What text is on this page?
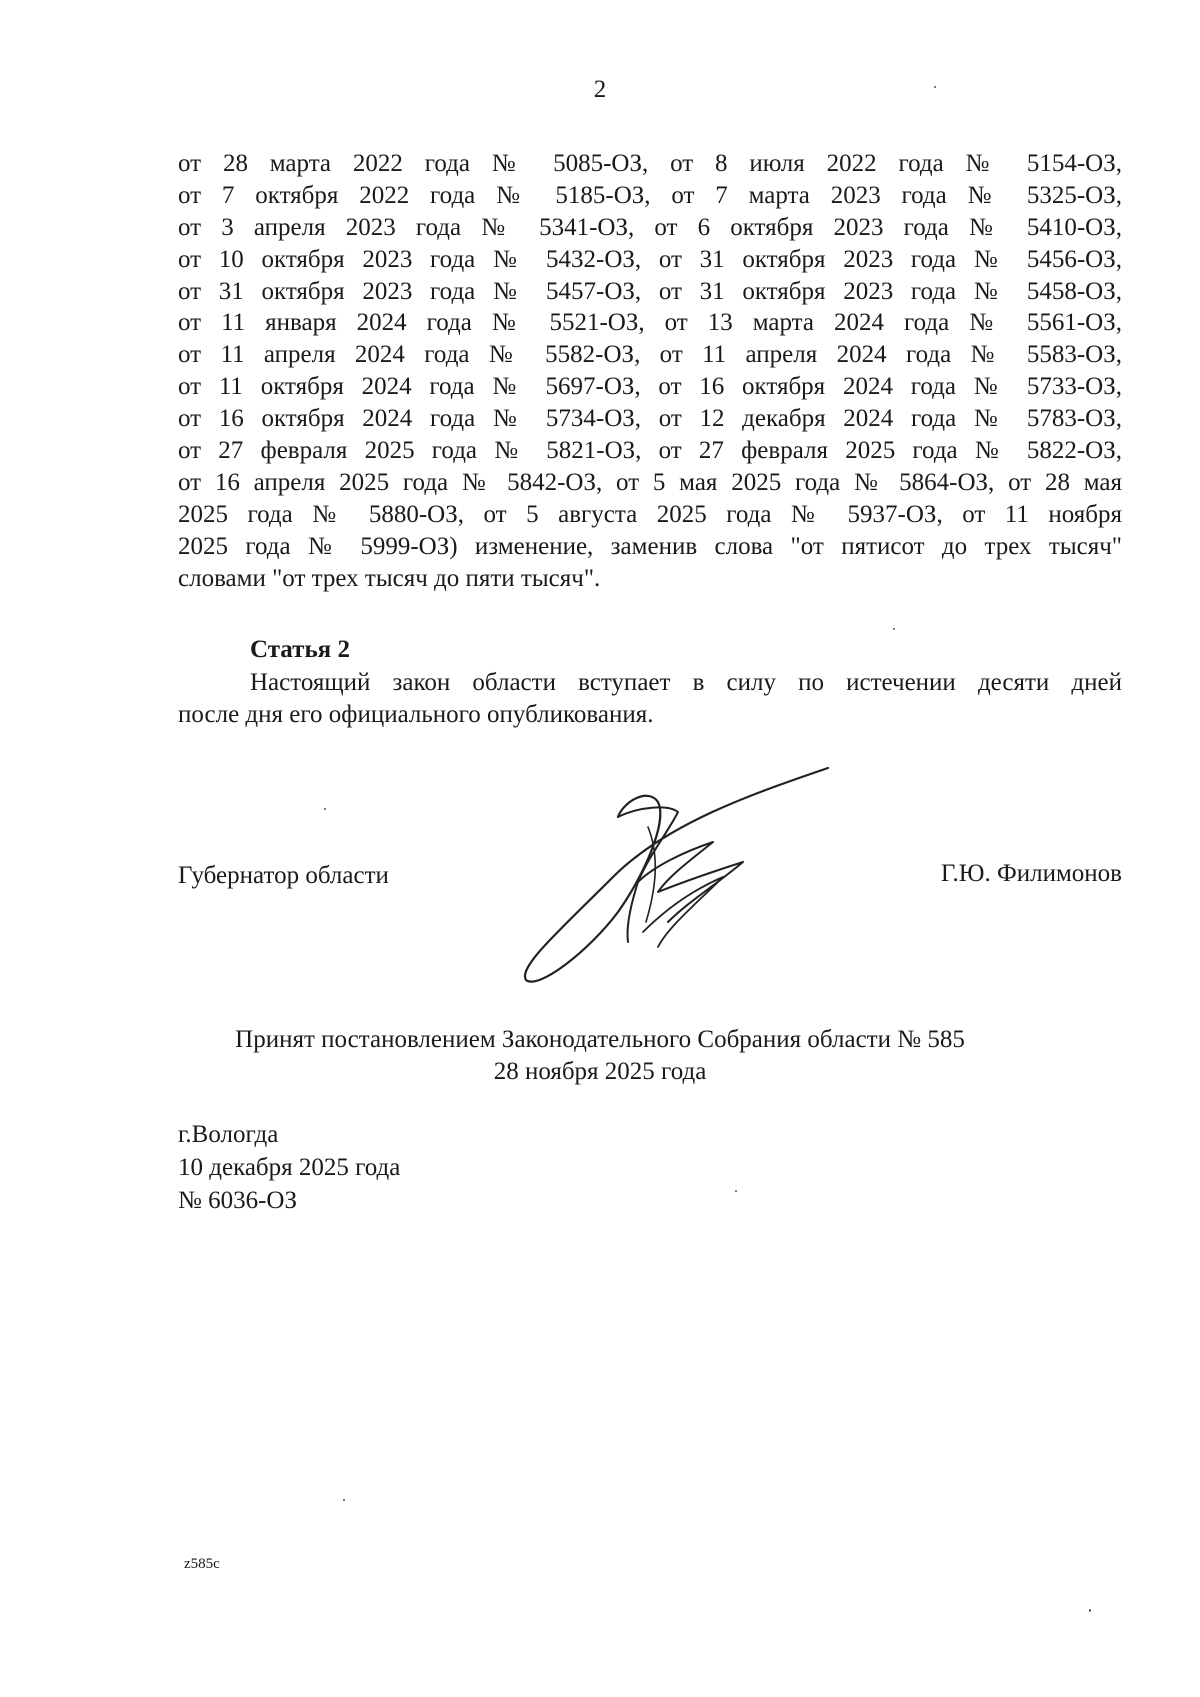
2
от 28 марта 2022 года № 5085-ОЗ, от 8 июля 2022 года № 5154-ОЗ,
от 7 октября 2022 года № 5185-ОЗ, от 7 марта 2023 года № 5325-ОЗ,
от 3 апреля 2023 года № 5341-ОЗ, от 6 октября 2023 года № 5410-ОЗ,
от 10 октября 2023 года № 5432-ОЗ, от 31 октября 2023 года № 5456-ОЗ,
от 31 октября 2023 года № 5457-ОЗ, от 31 октября 2023 года № 5458-ОЗ,
от 11 января 2024 года № 5521-ОЗ, от 13 марта 2024 года № 5561-ОЗ,
от 11 апреля 2024 года № 5582-ОЗ, от 11 апреля 2024 года № 5583-ОЗ,
от 11 октября 2024 года № 5697-ОЗ, от 16 октября 2024 года № 5733-ОЗ,
от 16 октября 2024 года № 5734-ОЗ, от 12 декабря 2024 года № 5783-ОЗ,
от 27 февраля 2025 года № 5821-ОЗ, от 27 февраля 2025 года № 5822-ОЗ,
от 16 апреля 2025 года № 5842-ОЗ, от 5 мая 2025 года № 5864-ОЗ, от 28 мая
2025 года № 5880-ОЗ, от 5 августа 2025 года № 5937-ОЗ, от 11 ноября
2025 года № 5999-ОЗ) изменение, заменив слова "от пятисот до трех тысяч"
словами "от трех тысяч до пяти тысяч".
Статья 2
Настоящий закон области вступает в силу по истечении десяти дней
после дня его официального опубликования.
Губернатор области	Г.Ю. Филимонов
Принят постановлением Законодательного Собрания области № 585
28 ноября 2025 года
г.Вологда
10 декабря 2025 года
№ 6036-ОЗ
z585c
